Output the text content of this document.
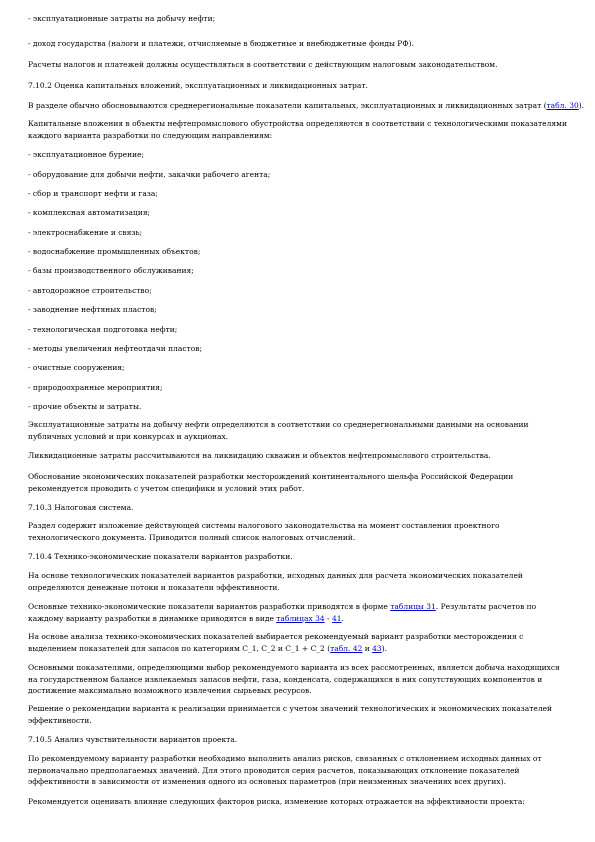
- эксплуатационные затраты на добычу нефти;
- доход государства (налоги и платежи, отчисляемые в бюджетные и внебюджетные фонды РФ).
Расчеты налогов и платежей должны осуществляться в соответствии с действующим налоговым законодательством.
7.10.2 Оценка капитальных вложений, эксплуатационных и ликвидационных затрат.
В разделе обычно обосновываются среднерегиональные показатели капитальных, эксплуатационных и ликвидационных затрат (табл. 30).
Капитальные вложения в объекты нефтепромыслового обустройства определяются в соответствии с технологическими показателями каждого варианта разработки по следующим направлениям:
- эксплуатационное бурение;
- оборудование для добычи нефти, закачки рабочего агента;
- сбор и транспорт нефти и газа;
- комплексная автоматизация;
- электроснабжение и связь;
- водоснабжение промышленных объектов;
- базы производственного обслуживания;
- автодорожное строительство;
- заводнение нефтяных пластов;
- технологическая подготовка нефти;
- методы увеличения нефтеотдачи пластов;
- очистные сооружения;
- природоохранные мероприятия;
- прочие объекты и затраты.
Эксплуатационные затраты на добычу нефти определяются в соответствии со среднерегиональными данными на основании публичных условий и при конкурсах и аукционах.
Ликвидационные затраты рассчитываются на ликвидацию скважин и объектов нефтепромыслового строительства.
Обоснование экономических показателей разработки месторождений континентального шельфа Российской Федерации рекомендуется проводить с учетом специфики и условий этих работ.
7.10.3 Налоговая система.
Раздел содержит изложение действующей системы налогового законодательства на момент составления проектного технологического документа. Приводится полный список налоговых отчислений.
7.10.4 Технико-экономические показатели вариантов разработки.
На основе технологических показателей вариантов разработки, исходных данных для расчета экономических показателей определяются денежные потоки и показатели эффективности.
Основные технико-экономические показатели вариантов разработки приводятся в форме таблицы 31. Результаты расчетов по каждому варианту разработки в динамике приводятся в виде таблицах 34 - 41.
На основе анализа технико-экономических показателей выбирается рекомендуемый вариант разработки месторождения с выделением показателей для запасов по категориям С_1, С_2 и С_1 + С_2 (табл. 42 и 43).
Основными показателями, определяющими выбор рекомендуемого варианта из всех рассмотренных, является добыча находящихся на государственном балансе извлекаемых запасов нефти, газа, конденсата, содержащихся в них сопутствующих компонентов и достижение максимально возможного извлечения сырьевых ресурсов.
Решение о рекомендации варианта к реализации принимается с учетом значений технологических и экономических показателей эффективности.
7.10.5 Анализ чувствительности вариантов проекта.
По рекомендуемому варианту разработки необходимо выполнить анализ рисков, связанных с отклонением исходных данных от первоначально предполагаемых значений. Для этого проводится серия расчетов, показывающих отклонение показателей эффективности в зависимости от изменения одного из основных параметров (при неизменных значениях всех других).
Рекомендуется оценивать влияние следующих факторов риска, изменение которых отражается на эффективности проекта:
